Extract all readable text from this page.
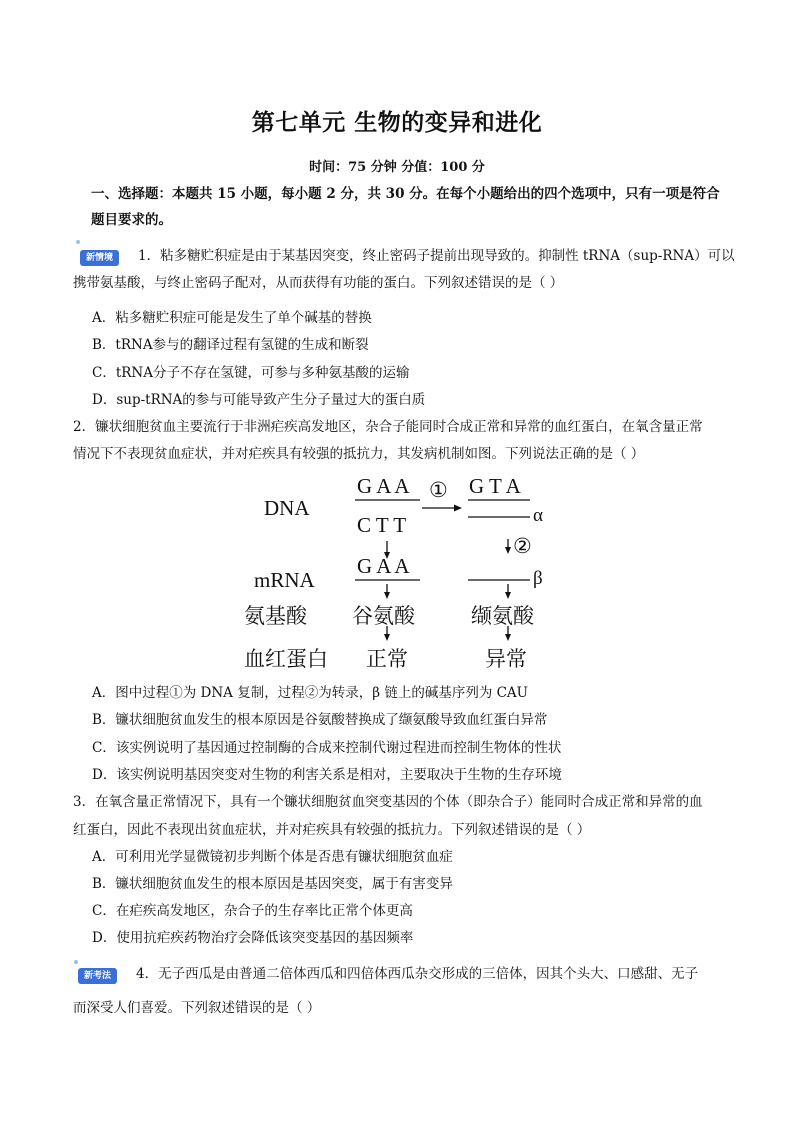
第七单元 生物的变异和进化
时间：75 分钟 分值：100 分
一、选择题：本题共 15 小题，每小题 2 分，共 30 分。在每个小题给出的四个选项中，只有一项是符合
题目要求的。
新情境	1．粘多糖贮积症是由于某基因突变，终止密码子提前出现导致的。抑制性 tRNA（sup-RNA）可以
携带氨基酸，与终止密码子配对，从而获得有功能的蛋白。下列叙述错误的是（ ）
A．粘多糖贮积症可能是发生了单个碱基的替换
B．tRNA参与的翻译过程有氢键的生成和断裂
C．tRNA分子不存在氢键，可参与多种氨基酸的运输
D．sup-tRNA的参与可能导致产生分子量过大的蛋白质
2．镰状细胞贫血主要流行于非洲疟疾高发地区，杂合子能同时合成正常和异常的血红蛋白，在氧含量正常
情况下不表现贫血症状，并对疟疾具有较强的抵抗力，其发病机制如图。下列说法正确的是（ ）
DNA
G A A
C T T
① G T A
α
②
mRNA
G A A
β
氨基酸 谷氨酸	缬氨酸
血红蛋白 正常	异常
A．图中过程①为 DNA 复制，过程②为转录，β 链上的碱基序列为 CAU
B．镰状细胞贫血发生的根本原因是谷氨酸替换成了缬氨酸导致血红蛋白异常
C．该实例说明了基因通过控制酶的合成来控制代谢过程进而控制生物体的性状
D．该实例说明基因突变对生物的利害关系是相对，主要取决于生物的生存环境
3．在氧含量正常情况下，具有一个镰状细胞贫血突变基因的个体（即杂合子）能同时合成正常和异常的血
红蛋白，因此不表现出贫血症状，并对疟疾具有较强的抵抗力。下列叙述错误的是（ ）
A．可利用光学显微镜初步判断个体是否患有镰状细胞贫血症
B．镰状细胞贫血发生的根本原因是基因突变，属于有害变异
C．在疟疾高发地区，杂合子的生存率比正常个体更高
D．使用抗疟疾药物治疗会降低该突变基因的基因频率
新考法	4．无子西瓜是由普通二倍体西瓜和四倍体西瓜杂交形成的三倍体，因其个头大、口感甜、无子
而深受人们喜爱。下列叙述错误的是（ ）
